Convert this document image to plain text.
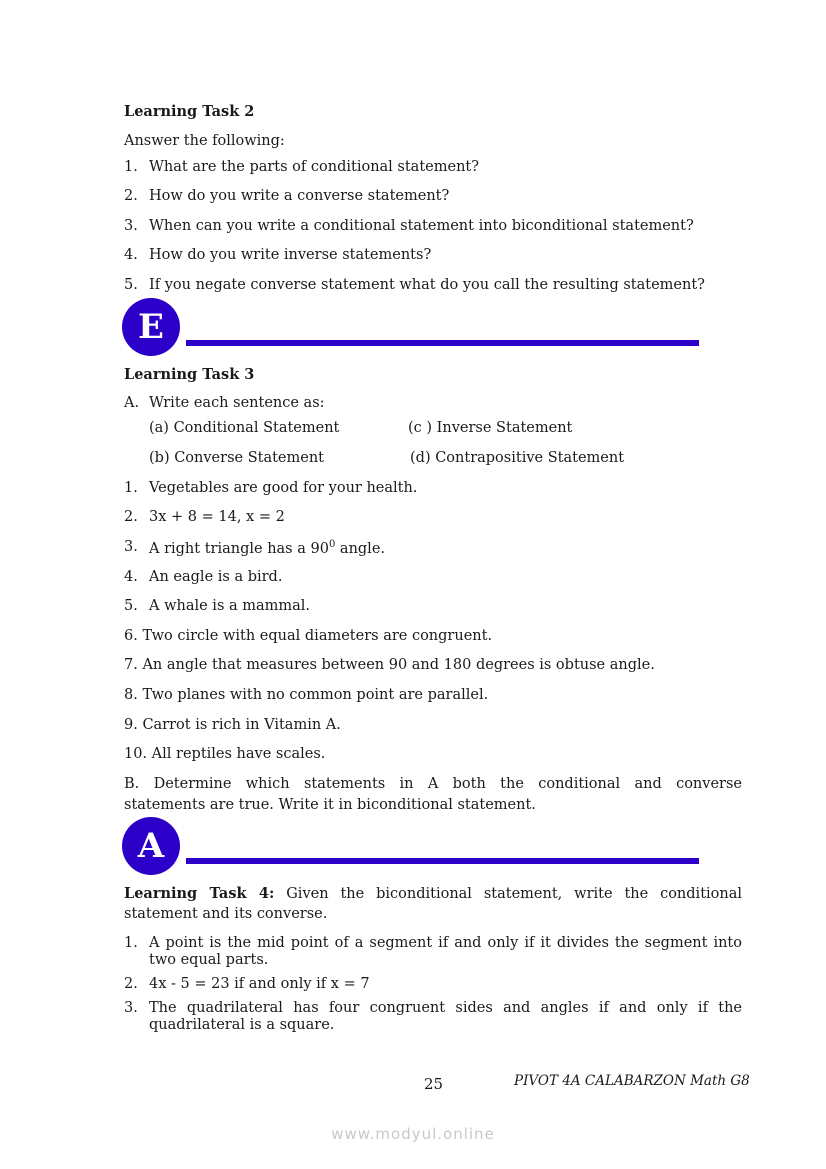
Learning Task 2
Answer the following:
1. What are the parts of conditional statement?
2. How do you write a converse statement?
3. When can you write a conditional statement into biconditional statement?
4. How do you write inverse statements?
5. If you negate converse statement what do you call the resulting statement?
E
Learning Task 3
A. Write each sentence as:
(a) Conditional Statement	(c ) Inverse Statement
(b) Converse Statement	(d) Contrapositive Statement
1. Vegetables are good for your health.
2. 3x + 8 = 14, x = 2
3. A right triangle has a $90^0$ angle.
4. An eagle is a bird.
5. A whale is a mammal.
6. Two circle with equal diameters are congruent.
7. An angle that measures between 90 and 180 degrees is obtuse angle.
8. Two planes with no common point are parallel.
9. Carrot is rich in Vitamin A.
10. All reptiles have scales.
B. Determine which statements in A both the conditional and converse
statements are true. Write it in biconditional statement.
A
Learning Task 4: Given the biconditional statement, write the conditional
statement and its converse.
1. A point is the mid point of a segment if and only if it divides the segment into
two equal parts.
2. 4x - 5 = 23 if and only if x = 7
3. The quadrilateral has four congruent sides and angles if and only if the
quadrilateral is a square.
25	PIVOT 4A CALABARZON Math G8
www.modyul.online
